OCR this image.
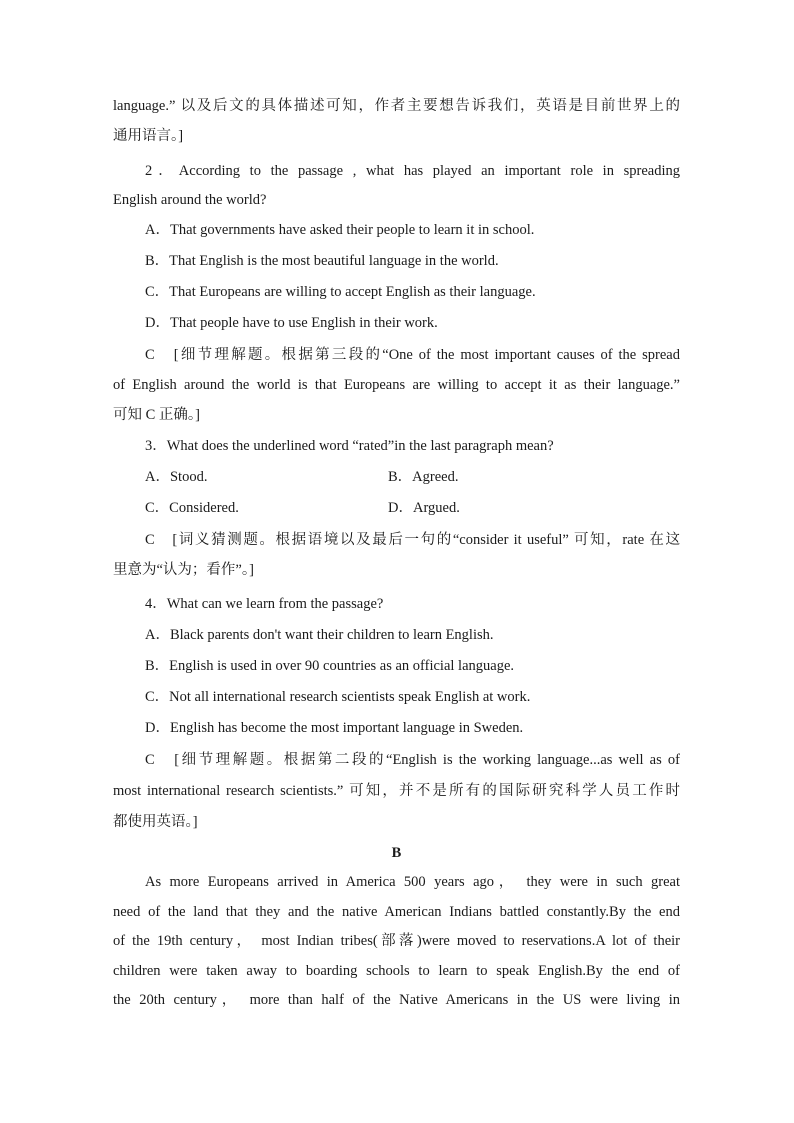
language.” 以及后文的具体描述可知，作者主要想告诉我们，英语是目前世界上的
通用语言。]
2．According to the passage , what has played an important role in spreading
English around the world?
A．That governments have asked their people to learn it in school.
B．That English is the most beautiful language in the world.
C．That Europeans are willing to accept English as their language.
D．That people have to use English in their work.
C　[细节理解题。根据第三段的“One of the most important causes of the spread
of English around the world is that Europeans are willing to accept it as their language.”
可知 C 正确。]
3．What does the underlined word “rated”in the last paragraph mean?
A．Stood.	B．Agreed.
C．Considered.	D．Argued.
C　[词义猜测题。根据语境以及最后一句的“consider it useful” 可知，rate 在这
里意为“认为；看作”。]
4．What can we learn from the passage?
A．Black parents don't want their children to learn English.
B．English is used in over 90 countries as an official language.
C．Not all international research scientists speak English at work.
D．English has become the most important language in Sweden.
C　[细节理解题。根据第二段的“English is the working language...as well as of
most international research scientists.” 可知，并不是所有的国际研究科学人员工作时
都使用英语。]
B
As more Europeans arrived in America 500 years ago， they were in such great
need of the land that they and the native American Indians battled constantly.By the end
of the 19th century， most Indian tribes(部落)were moved to reservations.A lot of their
children were taken away to boarding schools to learn to speak English.By the end of
the 20th century， more than half of the Native Americans in the US were living in
